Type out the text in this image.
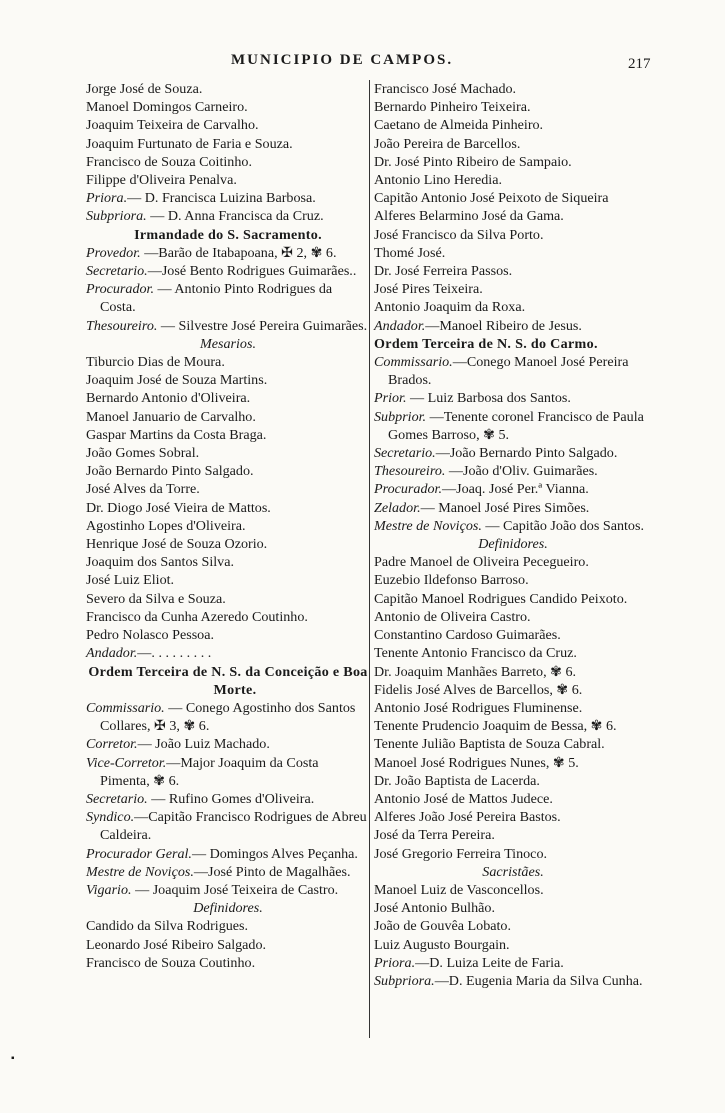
MUNICIPIO DE CAMPOS.	217
Jorge José de Souza.
Manoel Domingos Carneiro.
Joaquim Teixeira de Carvalho.
Joaquim Furtunato de Faria e Souza.
Francisco de Souza Coitinho.
Filippe d'Oliveira Penalva.
Priora.— D. Francisca Luizina Barbosa.
Subpriora. — D. Anna Francisca da Cruz.
Irmandade do S. Sacramento.
Provedor. —Barão de Itabapoana, ✠ 2, ✾ 6.
Secretario.—José Bento Rodrigues Guimarães..
Procurador. — Antonio Pinto Rodrigues da Costa.
Thesoureiro. — Silvestre José Pereira Guimarães.
Mesarios.
Tiburcio Dias de Moura.
Joaquim José de Souza Martins.
Bernardo Antonio d'Oliveira.
Manoel Januario de Carvalho.
Gaspar Martins da Costa Braga.
João Gomes Sobral.
João Bernardo Pinto Salgado.
José Alves da Torre.
Dr. Diogo José Vieira de Mattos.
Agostinho Lopes d'Oliveira.
Henrique José de Souza Ozorio.
Joaquim dos Santos Silva.
José Luiz Eliot.
Severo da Silva e Souza.
Francisco da Cunha Azeredo Coutinho.
Pedro Nolasco Pessoa.
Andador.—. . . . . . . . .
Ordem Terceira de N. S. da Conceição e Boa Morte.
Commissario. — Conego Agostinho dos Santos Collares, ✠ 3, ✾ 6.
Corretor.— João Luiz Machado.
Vice-Corretor.—Major Joaquim da Costa Pimenta, ✾ 6.
Secretario. — Rufino Gomes d'Oliveira.
Syndico.—Capitão Francisco Rodrigues de Abreu Caldeira.
Procurador Geral.— Domingos Alves Peçanha.
Mestre de Noviços.—José Pinto de Magalhães.
Vigario. — Joaquim José Teixeira de Castro.
Definidores.
Candido da Silva Rodrigues.
Leonardo José Ribeiro Salgado.
Francisco de Souza Coutinho.
Francisco José Machado.
Bernardo Pinheiro Teixeira.
Caetano de Almeida Pinheiro.
João Pereira de Barcellos.
Dr. José Pinto Ribeiro de Sampaio.
Antonio Lino Heredia.
Capitão Antonio José Peixoto de Siqueira
Alferes Belarmino José da Gama.
José Francisco da Silva Porto.
Thomé José.
Dr. José Ferreira Passos.
José Pires Teixeira.
Antonio Joaquim da Roxa.
Andador.—Manoel Ribeiro de Jesus.
Ordem Terceira de N. S. do Carmo.
Commissario.—Conego Manoel José Pereira Brados.
Prior. — Luiz Barbosa dos Santos.
Subprior. —Tenente coronel Francisco de Paula Gomes Barroso, ✾ 5.
Secretario.—João Bernardo Pinto Salgado.
Thesoureiro. —João d'Oliv. Guimarães.
Procurador.—Joaq. José Per.ª Vianna.
Zelador.— Manoel José Pires Simões.
Mestre de Noviços. — Capitão João dos Santos.
Definidores.
Padre Manoel de Oliveira Peceguеiro.
Euzebio Ildefonso Barroso.
Capitão Manoel Rodrigues Candido Peixoto.
Antonio de Oliveira Castro.
Constantino Cardoso Guimarães.
Tenente Antonio Francisco da Cruz.
Dr. Joaquim Manhães Barreto, ✾ 6.
Fidelis José Alves de Barcellos, ✾ 6.
Antonio José Rodrigues Fluminense.
Tenente Prudencio Joaquim de Bessa, ✾ 6.
Tenente Julião Baptista de Souza Cabral.
Manoel José Rodrigues Nunes, ✾ 5.
Dr. João Baptista de Lacerda.
Antonio José de Mattos Judece.
Alferes João José Pereira Bastos.
José da Terra Pereira.
José Gregorio Ferreira Tinoco.
Sacristães.
Manoel Luiz de Vasconcellos.
José Antonio Bulhão.
João de Gouvêa Lobato.
Luiz Augusto Bourgain.
Priora.—D. Luiza Leite de Faria.
Subpriora.—D. Eugenia Maria da Silva Cunha.
▪
